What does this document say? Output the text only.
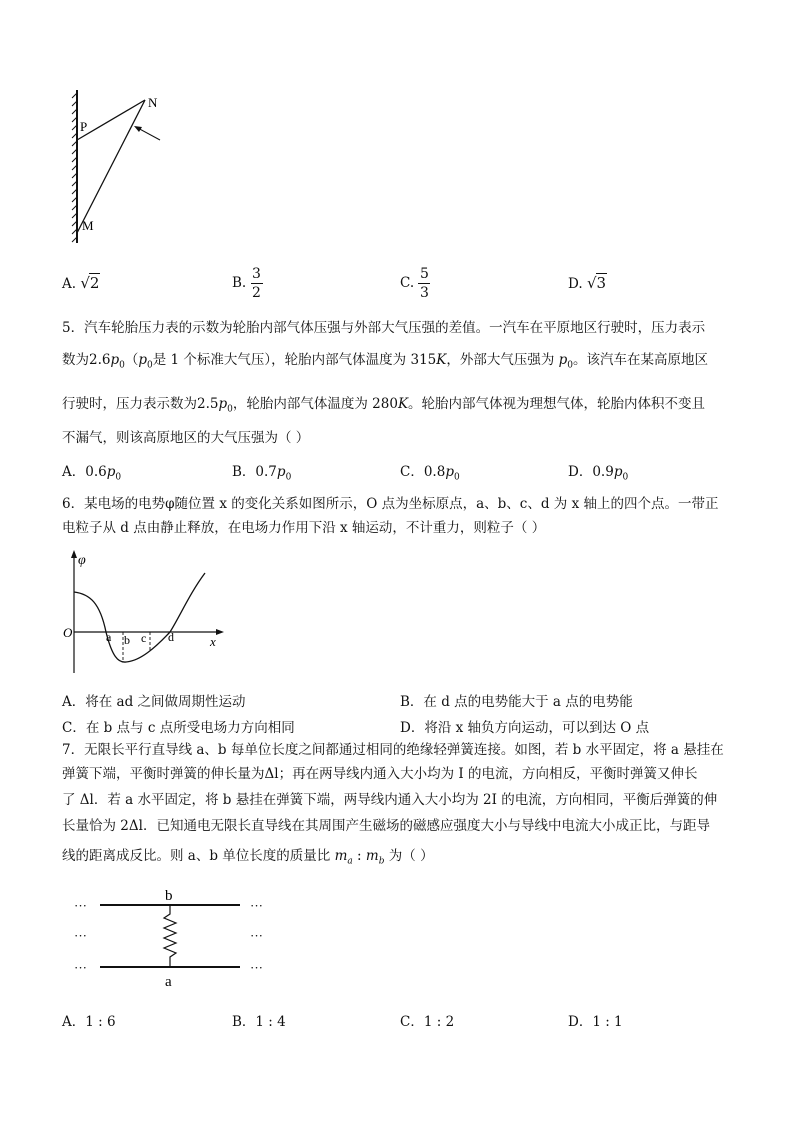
P
N
M
A. √2	B. $\frac{3}{2}$	C. $\frac{5}{3}$	D. √3
5．汽车轮胎压力表的示数为轮胎内部气体压强与外部大气压强的差值。一汽车在平原地区行驶时，压力表示
数为$2.6p_0(p_0$是 1 个标准大气压），轮胎内部气体温度为 315K，外部大气压强为 $p_0$。该汽车在某高原地区
行驶时，压力表示数为$2.5p_0$，轮胎内部气体温度为 280K。轮胎内部气体视为理想气体，轮胎内体积不变且
不漏气，则该高原地区的大气压强为（ ）
A．$0.6p_0$	B．$0.7p_0$	C．$0.8p_0$	D．$0.9p_0$
6．某电场的电势φ随位置 x 的变化关系如图所示，O 点为坐标原点，a、b、c、d 为 x 轴上的四个点。一带正
电粒子从 d 点由静止释放，在电场力作用下沿 x 轴运动，不计重力，则粒子（ ）
φ
O	a b c d	x
A．将在 ad 之间做周期性运动	B．在 d 点的电势能大于 a 点的电势能
C．在 b 点与 c 点所受电场力方向相同	D．将沿 x 轴负方向运动，可以到达 O 点
7．无限长平行直导线 a、b 每单位长度之间都通过相同的绝缘轻弹簧连接。如图，若 b 水平固定，将 a 悬挂在
弹簧下端，平衡时弹簧的伸长量为Δl；再在两导线内通入大小均为 I 的电流，方向相反，平衡时弹簧又伸长
了 Δl．若 a 水平固定，将 b 悬挂在弹簧下端，两导线内通入大小均为 2I 的电流，方向相同，平衡后弹簧的伸
长量恰为 2Δl．已知通电无限长直导线在其周围产生磁场的磁感应强度大小与导线中电流大小成正比，与距导
线的距离成反比。则 a、b 单位长度的质量比 $m_a$ : $m_b$ 为（ ）
···
···
···
···
···
···
b
a
A．1 : 6	B．1 : 4	C．1 : 2	D．1 : 1
